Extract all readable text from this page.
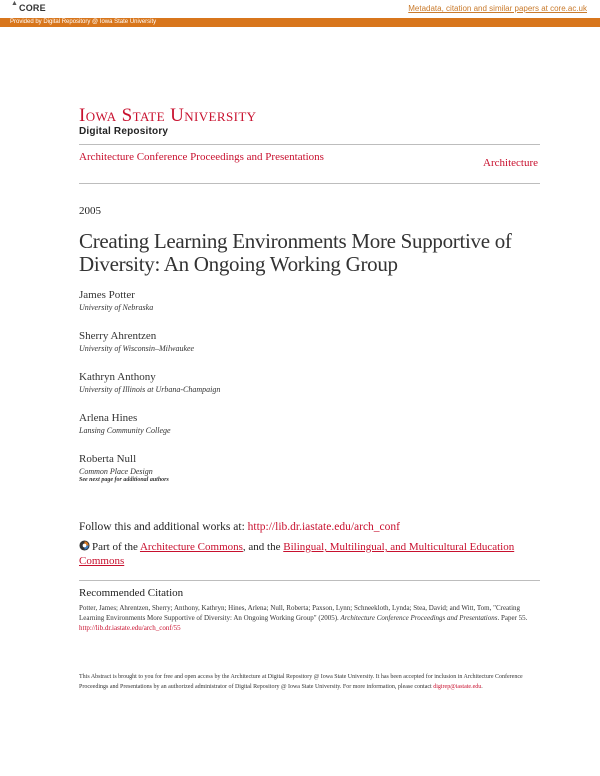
▲ CORE	Metadata, citation and similar papers at core.ac.uk
Provided by Digital Repository @ Iowa State University
Iowa State University
Digital Repository
Architecture Conference Proceedings and Presentations	Architecture
2005
Creating Learning Environments More Supportive of Diversity: An Ongoing Working Group
James Potter
University of Nebraska
Sherry Ahrentzen
University of Wisconsin–Milwaukee
Kathryn Anthony
University of Illinois at Urbana-Champaign
Arlena Hines
Lansing Community College
Roberta Null
Common Place Design
See next page for additional authors
Follow this and additional works at: http://lib.dr.iastate.edu/arch_conf
Part of the Architecture Commons, and the Bilingual, Multilingual, and Multicultural Education Commons
Recommended Citation
Potter, James; Ahrentzen, Sherry; Anthony, Kathryn; Hines, Arlena; Null, Roberta; Paxson, Lynn; Schneekloth, Lynda; Stea, David; and Witt, Tom, "Creating Learning Environments More Supportive of Diversity: An Ongoing Working Group" (2005). Architecture Conference Proceedings and Presentations. Paper 55.
http://lib.dr.iastate.edu/arch_conf/55
This Abstract is brought to you for free and open access by the Architecture at Digital Repository @ Iowa State University. It has been accepted for inclusion in Architecture Conference Proceedings and Presentations by an authorized administrator of Digital Repository @ Iowa State University. For more information, please contact digirep@iastate.edu.
